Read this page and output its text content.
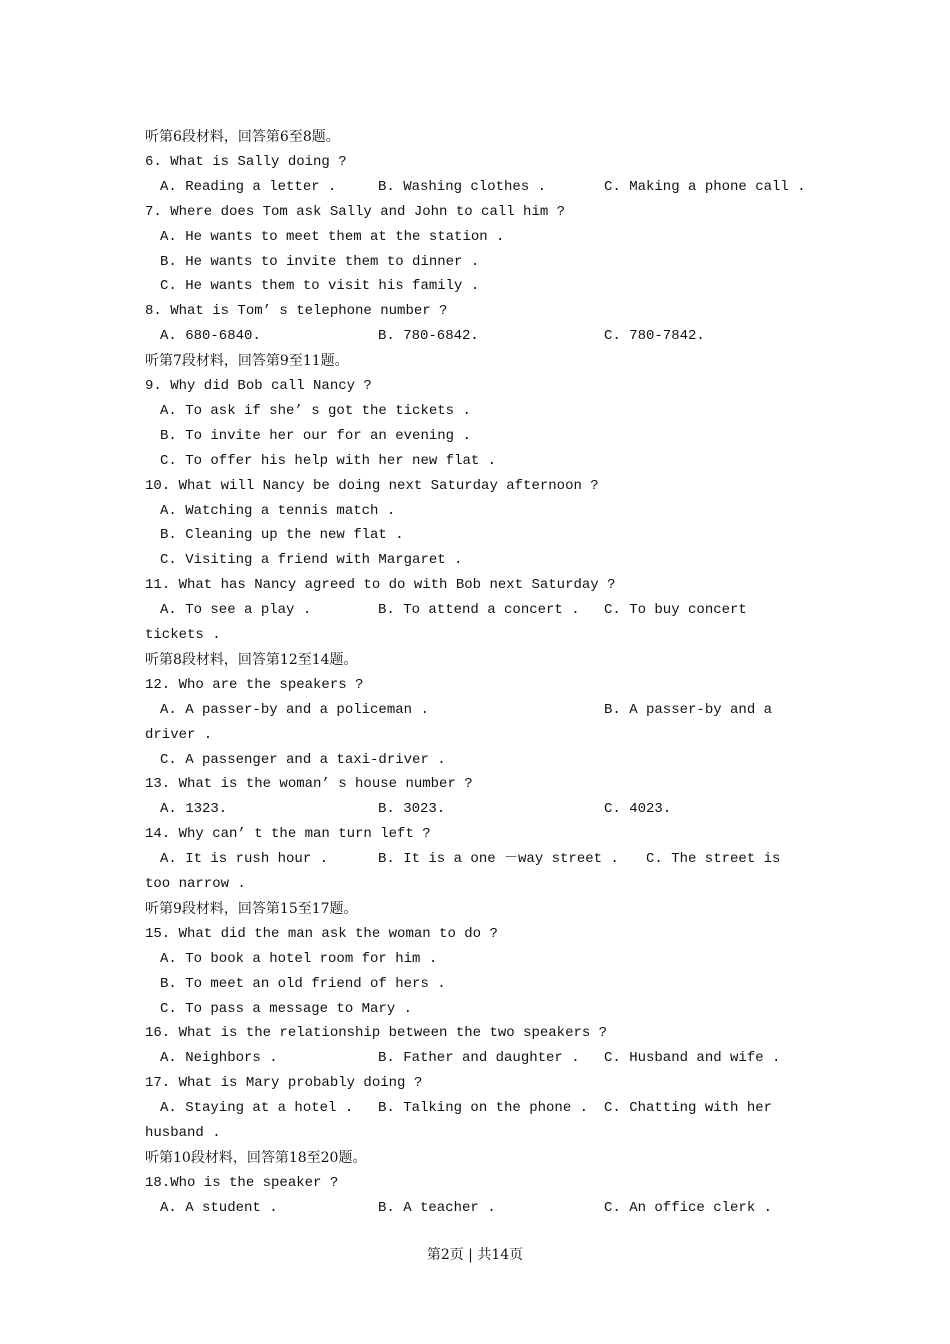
听第6段材料，回答第6至8题。
6. What is Sally doing ?
A. Reading a letter .	B. Washing clothes .	C. Making a phone call .
7. Where does Tom ask Sally and John to call him ?
A. He wants to meet them at the station .
B. He wants to invite them to dinner .
C. He wants them to visit his family .
8. What is Tom’ s telephone number ?
A. 680-6840.	B. 780-6842.	C. 780-7842.
听第7段材料，回答第9至11题。
9. Why did Bob call Nancy ?
A. To ask if she’ s got the tickets .
B. To invite her our for an evening .
C. To offer his help with her new flat .
10. What will Nancy be doing next Saturday afternoon ?
A. Watching a tennis match .
B. Cleaning up the new flat .
C. Visiting a friend with Margaret .
11. What has Nancy agreed to do with Bob next Saturday ?
A. To see a play .	B. To attend a concert . C. To buy concert
tickets .
听第8段材料，回答第12至14题。
12. Who are the speakers ?
A. A passer-by and a policeman .	B. A passer-by and a
driver .
C. A passenger and a taxi-driver .
13. What is the woman’ s house number ?
A. 1323.	B. 3023.	C. 4023.
14. Why can’ t the man turn left ?
A. It is rush hour .	B. It is a one －way street . C. The street is
too narrow .
听第9段材料，回答第15至17题。
15. What did the man ask the woman to do ?
A. To book a hotel room for him .
B. To meet an old friend of hers .
C. To pass a message to Mary .
16. What is the relationship between the two speakers ?
A. Neighbors .	B. Father and daughter . C. Husband and wife .
17. What is Mary probably doing ?
A. Staying at a hotel . B. Talking on the phone . C. Chatting with her
husband .
听第10段材料，回答第18至20题。
18.Who is the speaker ?
A. A student .	B. A teacher .	C. An office clerk .
第2页 | 共14页
